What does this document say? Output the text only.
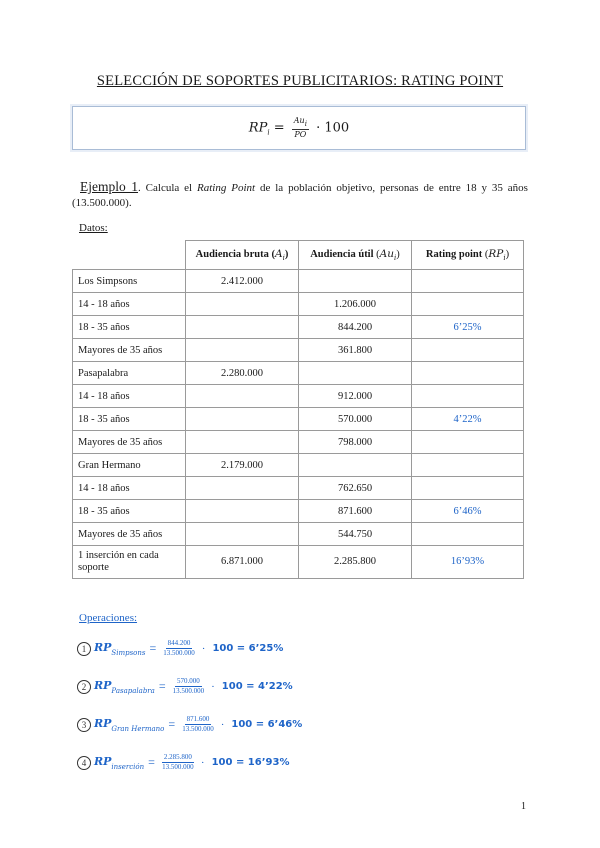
SELECCIÓN DE SOPORTES PUBLICITARIOS: RATING POINT
$RP_i = \frac{\text{Aui}}{PO} \cdot 100$
Ejemplo 1. Calcula el Rating Point de la población objetivo, personas de entre 18 y 35 años (13.500.000).
Datos:
	Audiencia bruta $(A_i)$	Audiencia útil $(Au_i)$	Rating point $(RP_i)$
Los Simpsons	2.412.000		
14 - 18 años		1.206.000	
18 - 35 años		844.200	6’25%
Mayores de 35 años		361.800	
Pasapalabra	2.280.000		
14 - 18 años		912.000	
18 - 35 años		570.000	4’22%
Mayores de 35 años		798.000	
Gran Hermano	2.179.000		
14 - 18 años		762.650	
18 - 35 años		871.600	6’46%
Mayores de 35 años		544.750	
1 inserción en cada soporte	6.871.000	2.285.800	16’93%
Operaciones:
1 $RP_{Simpsons} = \frac{844.200}{13.500.000} \cdot 100$ = 6’25%
2 $RP_{Pasapalabra} = \frac{570.000}{13.500.000} \cdot 100$ = 4’22%
3 $RP_{Gran Hermano} = \frac{871.600}{13.500.000} \cdot 100$ = 6’46%
4 $RP_{inserción} = \frac{2.285.800}{13.500.000} \cdot 100$ = 16’93%
1
